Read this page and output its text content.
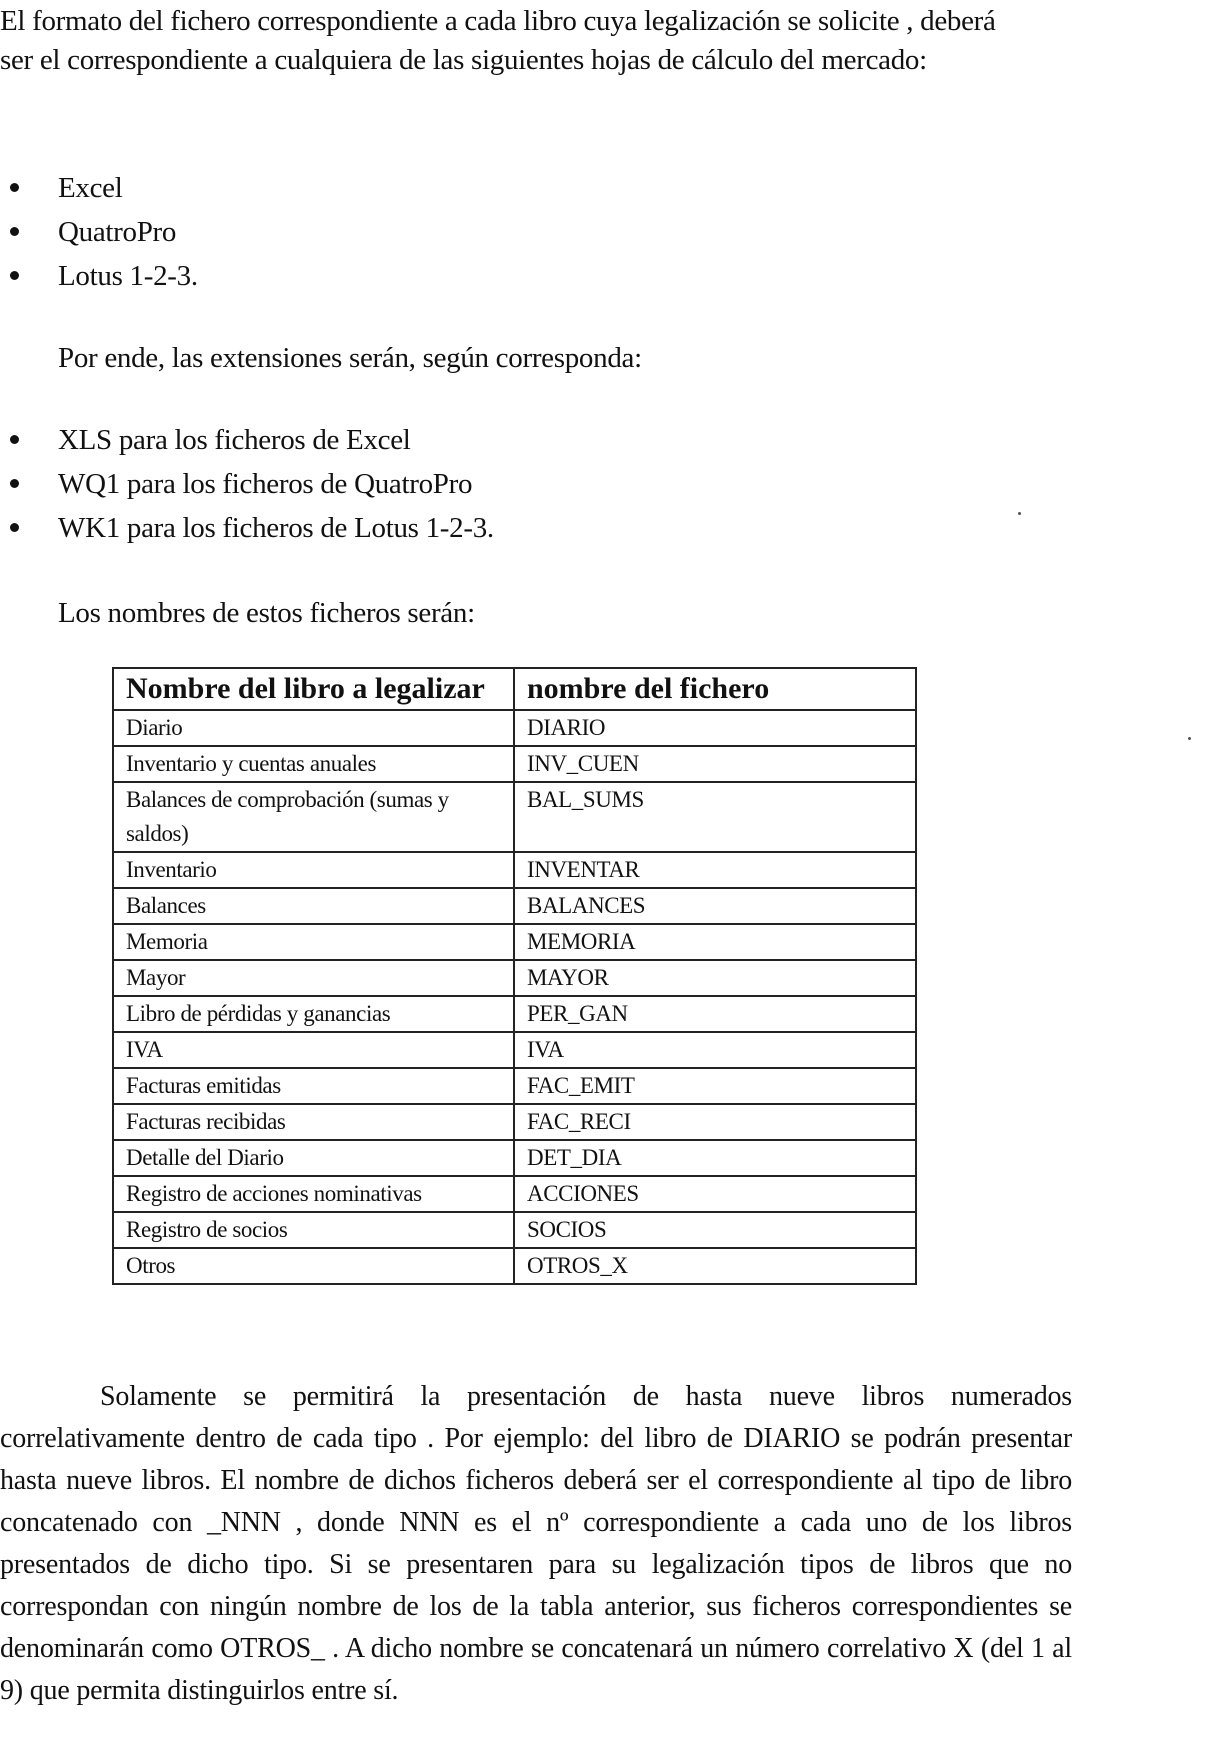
El formato del fichero correspondiente a cada libro cuya legalización se solicite , deberá ser el correspondiente a cualquiera de las siguientes hojas de cálculo del mercado:

Excel
QuatroPro
Lotus 1-2-3.

Por ende, las extensiones serán, según corresponda:

XLS para los ficheros de Excel
WQ1 para los ficheros de QuatroPro
WK1 para los ficheros de Lotus 1-2-3.

Los nombres de estos ficheros serán:

Nombre del libro a legalizar	nombre del fichero
Diario	DIARIO
Inventario y cuentas anuales	INV_CUEN
Balances de comprobación (sumas y saldos)	BAL_SUMS
Inventario	INVENTAR
Balances	BALANCES
Memoria	MEMORIA
Mayor	MAYOR
Libro de pérdidas y ganancias	PER_GAN
IVA	IVA
Facturas emitidas	FAC_EMIT
Facturas recibidas	FAC_RECI
Detalle del Diario	DET_DIA
Registro de acciones nominativas	ACCIONES
Registro de socios	SOCIOS
Otros	OTROS_X

Solamente se permitirá la presentación de hasta nueve libros numerados correlativamente dentro de cada tipo . Por ejemplo: del libro de DIARIO se podrán presentar hasta nueve libros. El nombre de dichos ficheros deberá ser el correspondiente al tipo de libro concatenado con _NNN , donde NNN es el nº correspondiente a cada uno de los libros presentados de dicho tipo. Si se presentaren para su legalización tipos de libros que no correspondan con ningún nombre de los de la tabla anterior, sus ficheros correspondientes se denominarán como OTROS_ . A dicho nombre se concatenará un número correlativo X (del 1 al 9) que permita distinguirlos entre sí.
